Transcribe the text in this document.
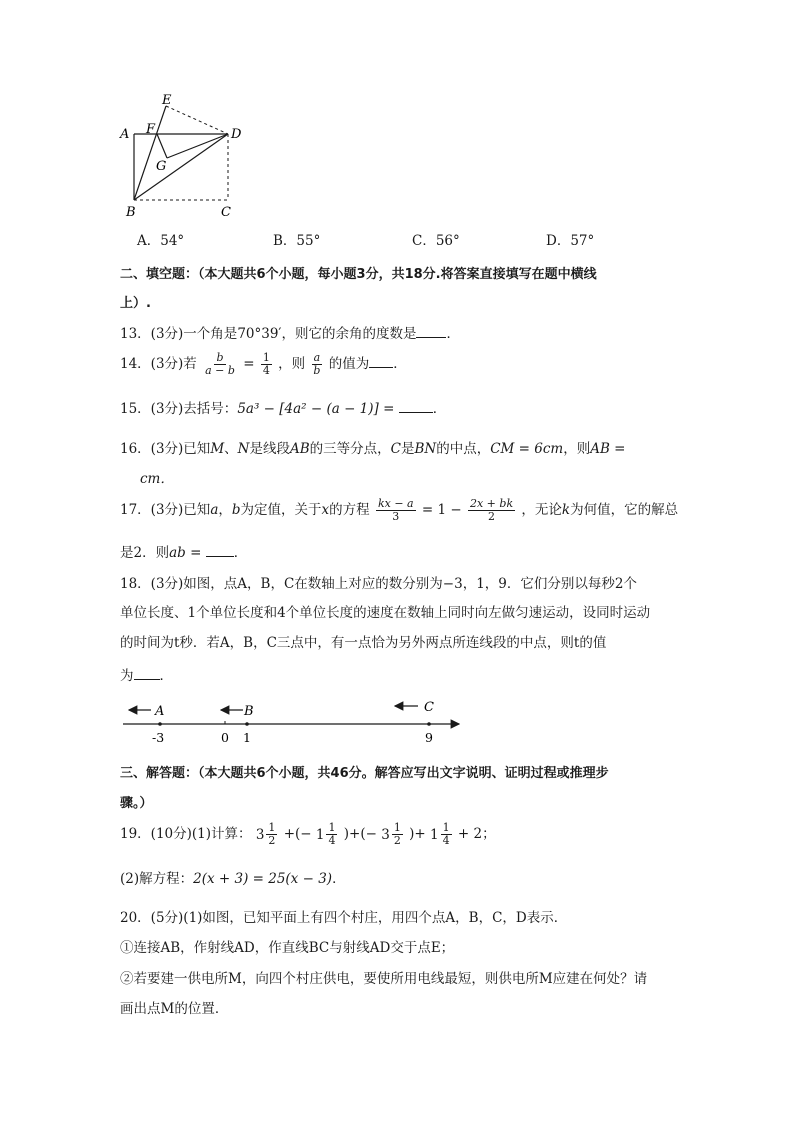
E
A F	D
G
B	C
A．54°	B．55°	C．56°	D．57°
二、填空题：（本大题共6个小题，每小题3分，共18分.将答案直接填写在题中横线
上）.
13．(3分)一个角是70°39′，则它的余角的度数是 ．
14．(3分)若 $\frac{b}{a - b} = \frac{1}{4}$ ，则 $\frac{a}{b}$ 的值为 ．
15．(3分)去括号：5a³ − [4a² − (a − 1)] =	．
16．(3分)已知M、N是线段AB的三等分点，C是BN的中点，CM = 6cm，则AB =
cm．
17．(3分)已知a，b为定值，关于x的方程 $\frac{kx - a}{3} = 1 - \frac{2x + bk}{2}$ ，无论k为何值，它的解总
是2．则ab = ．
18．(3分)如图，点A，B，C在数轴上对应的数分别为−3，1，9．它们分别以每秒2个
单位长度、1个单位长度和4个单位长度的速度在数轴上同时向左做匀速运动，设同时运动
的时间为t秒．若A，B，C三点中，有一点恰为另外两点所连线段的中点，则t的值
为 ．
A	B	C
-3	0 1	9
三、解答题：（本大题共6个小题，共46分。解答应写出文字说明、证明过程或推理步
骤。）
19．(10分)(1)计算： $3 \frac{1}{2}$ +(− $1 \frac{1}{4}$ )+(− $3 \frac{1}{2}$ )+ $1 \frac{1}{4} + 2$；
(2)解方程：2(x + 3) = 25(x − 3)．
20．(5分)(1)如图，已知平面上有四个村庄，用四个点A，B，C，D表示．
①连接AB，作射线AD，作直线BC与射线AD交于点E；
②若要建一供电所M，向四个村庄供电，要使所用电线最短，则供电所M应建在何处？请
画出点M的位置．
